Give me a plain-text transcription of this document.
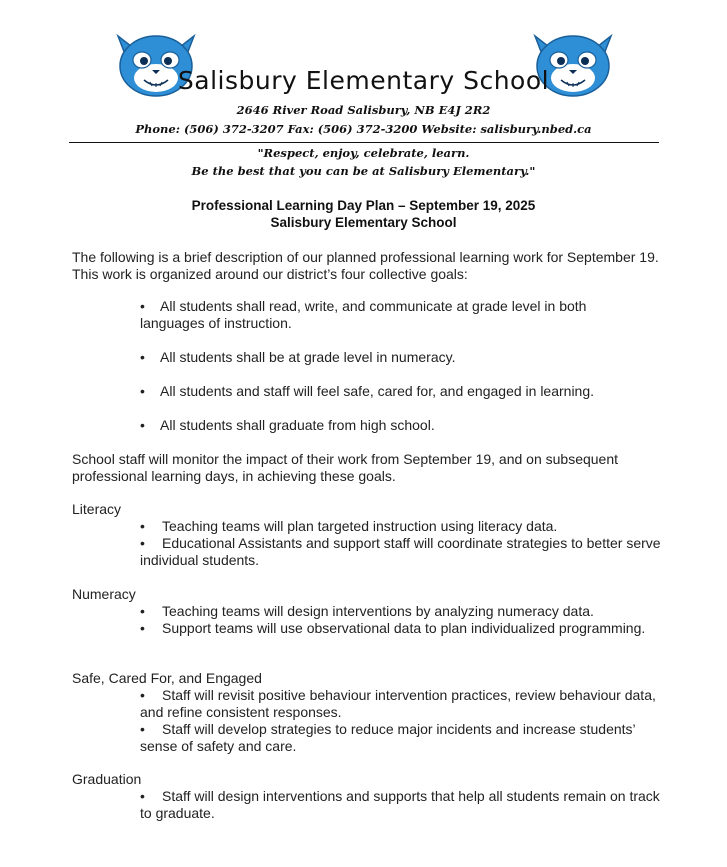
Salisbury Elementary School
2646 River Road Salisbury, NB E4J 2R2
Phone: (506) 372-3207 Fax: (506) 372-3200 Website: salisbury.nbed.ca
"Respect, enjoy, celebrate, learn.
Be the best that you can be at Salisbury Elementary."
Professional Learning Day Plan – September 19, 2025
Salisbury Elementary School

The following is a brief description of our planned professional learning work for September 19. This work is organized around our district’s four collective goals:

• All students shall read, write, and communicate at grade level in both languages of instruction.
• All students shall be at grade level in numeracy.
• All students and staff will feel safe, cared for, and engaged in learning.
• All students shall graduate from high school.

School staff will monitor the impact of their work from September 19, and on subsequent professional learning days, in achieving these goals.

Literacy
• Teaching teams will plan targeted instruction using literacy data.
• Educational Assistants and support staff will coordinate strategies to better serve individual students.
Numeracy
• Teaching teams will design interventions by analyzing numeracy data.
• Support teams will use observational data to plan individualized programming.
Safe, Cared For, and Engaged
• Staff will revisit positive behaviour intervention practices, review behaviour data, and refine consistent responses.
• Staff will develop strategies to reduce major incidents and increase students’ sense of safety and care.
Graduation
• Staff will design interventions and supports that help all students remain on track to graduate.
